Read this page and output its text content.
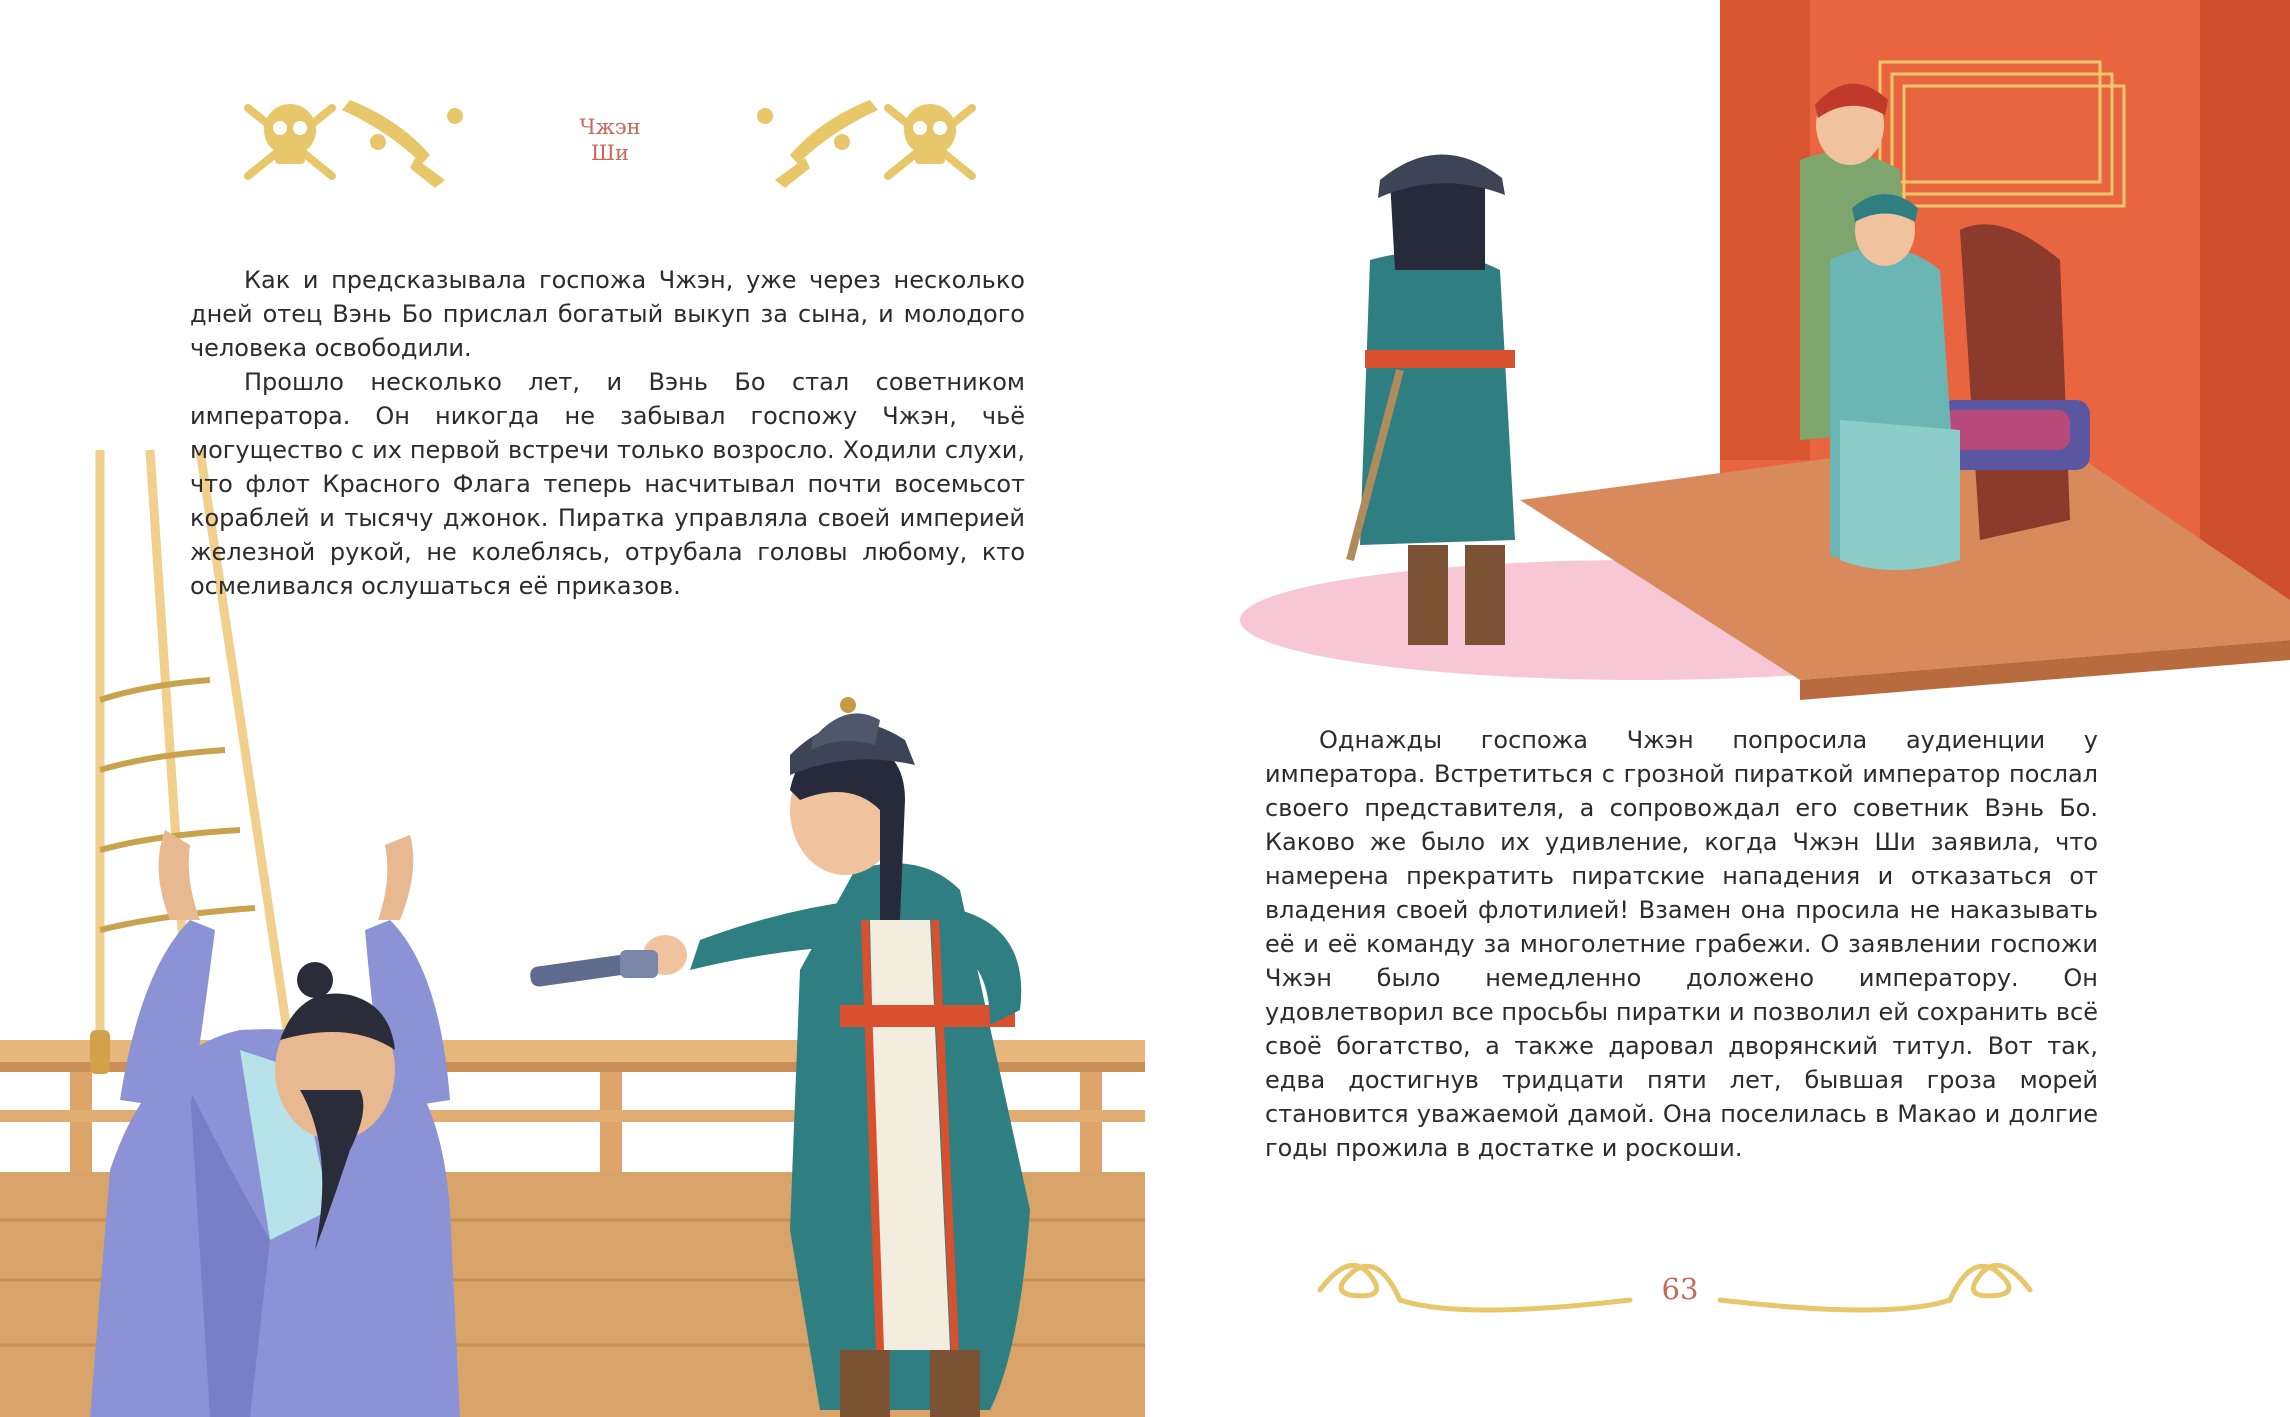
Чжэн Ши

Как и предсказывала госпожа Чжэн, уже через несколько дней отец Вэнь Бо прислал богатый выкуп за сына, и молодого человека освободили.

Прошло несколько лет, и Вэнь Бо стал советником императора. Он никогда не забывал госпожу Чжэн, чьё могущество с их первой встречи только возросло. Ходили слухи, что флот Красного Флага теперь насчитывал почти восемьсот кораблей и тысячу джонок. Пиратка управляла своей империей железной рукой, не колеблясь, отрубала головы любому, кто осмеливался ослушаться её приказов.

Однажды госпожа Чжэн попросила аудиенции у императора. Встретиться с грозной пираткой император послал своего представителя, а сопровождал его советник Вэнь Бо. Каково же было их удивление, когда Чжэн Ши заявила, что намерена прекратить пиратские нападения и отказаться от владения своей флотилией! Взамен она просила не наказывать её и её команду за многолетние грабежи. О заявлении госпожи Чжэн было немедленно доложено императору. Он удовлетворил все просьбы пиратки и позволил ей сохранить всё своё богатство, а также даровал дворянский титул. Вот так, едва достигнув тридцати пяти лет, бывшая гроза морей становится уважаемой дамой. Она поселилась в Макао и долгие годы прожила в достатке и роскоши.

63
